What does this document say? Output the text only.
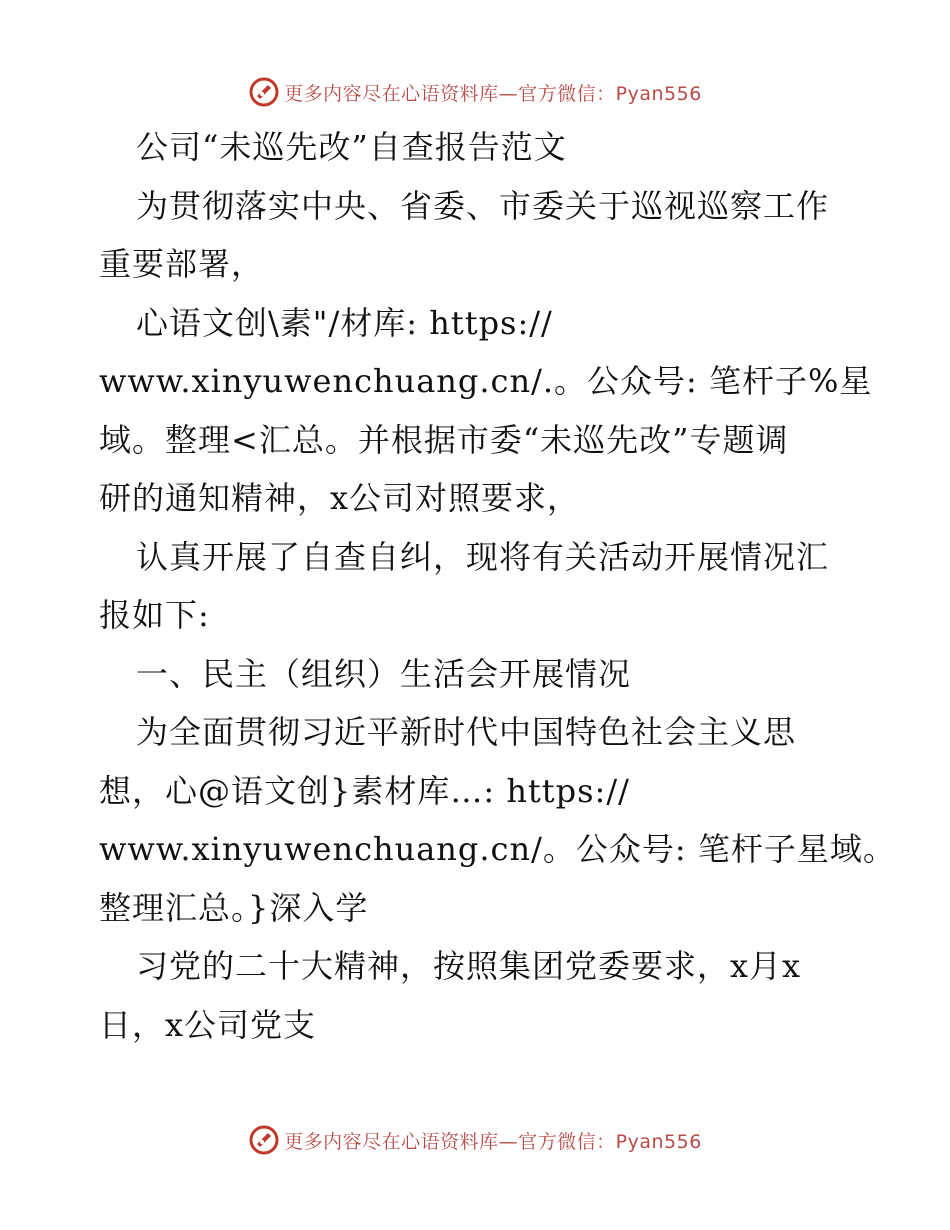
更多内容尽在心语资料库—官方微信：Pyan556
公司“未巡先改”自查报告范文
为贯彻落实中央、省委、市委关于巡视巡察工作
重要部署，
心语文创\素"/材库: https://
www.xinyuwenchuang.cn/.。公众号: 笔杆子%星
域。整理<汇总。并根据市委“未巡先改”专题调
研的通知精神，x公司对照要求，
认真开展了自查自纠，现将有关活动开展情况汇
报如下:
一、民主（组织）生活会开展情况
为全面贯彻习近平新时代中国特色社会主义思
想，心@语文创}素材库…: https://
www.xinyuwenchuang.cn/。公众号: 笔杆子星域。
整理汇总。}深入学
习党的二十大精神，按照集团党委要求，x月x
日，x公司党支
更多内容尽在心语资料库—官方微信：Pyan556
